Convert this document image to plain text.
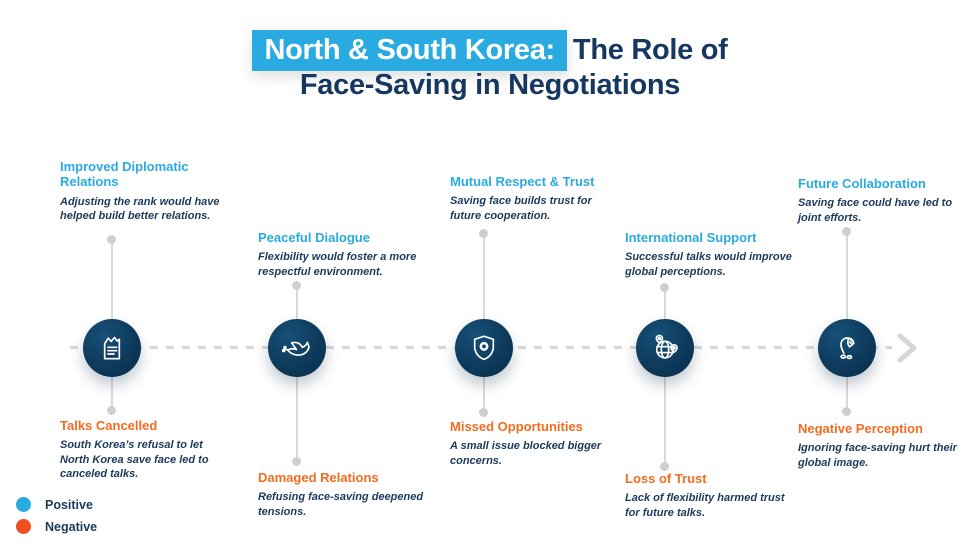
North & South Korea: The Role of
Face-Saving in Negotiations

Improved Diplomatic Relations

Adjusting the rank would have helped build better relations.

Talks Cancelled

South Korea’s refusal to let North Korea save face led to canceled talks.

Peaceful Dialogue

Flexibility would foster a more respectful environment.

Damaged Relations

Refusing face-saving deepened tensions.

Mutual Respect & Trust

Saving face builds trust for future cooperation.

Missed Opportunities

A small issue blocked bigger concerns.

International Support

Successful talks would improve global perceptions.

Loss of Trust

Lack of flexibility harmed trust for future talks.

Future Collaboration

Saving face could have led to joint efforts.

Negative Perception

Ignoring face-saving hurt their global image.

Positive
Negative
